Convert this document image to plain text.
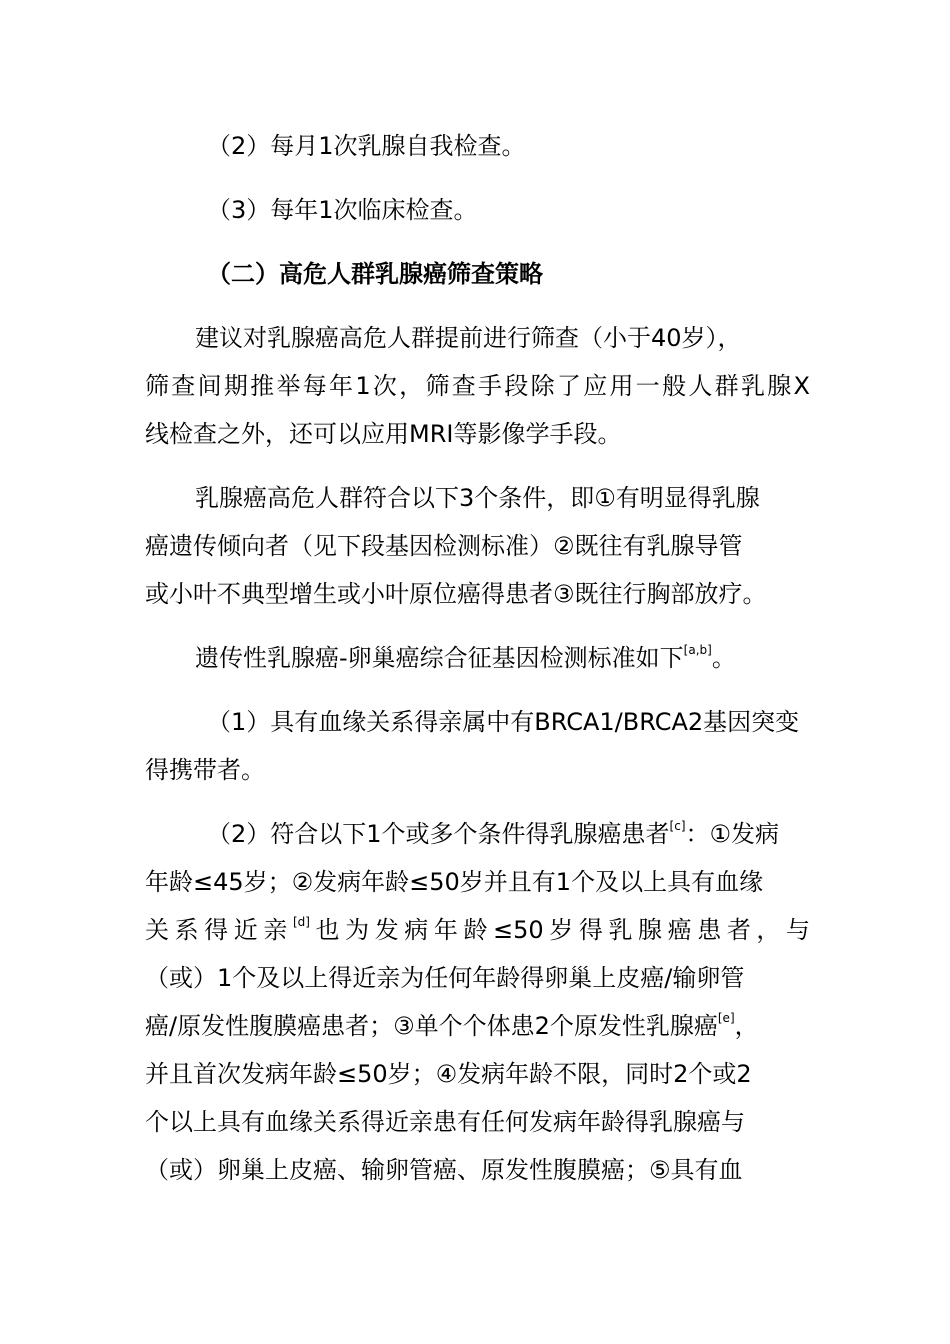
（2）每月1次乳腺自我检查。
（3）每年1次临床检查。
（二）高危人群乳腺癌筛查策略
建议对乳腺癌高危人群提前进行筛查（小于40岁），
筛查间期推举每年1次，筛查手段除了应用一般人群乳腺X
线检查之外，还可以应用MRI等影像学手段。
乳腺癌高危人群符合以下3个条件，即①有明显得乳腺
癌遗传倾向者（见下段基因检测标准）②既往有乳腺导管
或小叶不典型增生或小叶原位癌得患者③既往行胸部放疗。
遗传性乳腺癌-卵巢癌综合征基因检测标准如下[a,b]。
（1）具有血缘关系得亲属中有BRCA1/BRCA2基因突变
得携带者。
（2）符合以下1个或多个条件得乳腺癌患者[c]：①发病
年龄≤45岁；②发病年龄≤50岁并且有1个及以上具有血缘
关系得近亲[d]也为发病年龄≤50岁得乳腺癌患者，与
（或）1个及以上得近亲为任何年龄得卵巢上皮癌/输卵管
癌/原发性腹膜癌患者；③单个个体患2个原发性乳腺癌[e]，
并且首次发病年龄≤50岁；④发病年龄不限，同时2个或2
个以上具有血缘关系得近亲患有任何发病年龄得乳腺癌与
（或）卵巢上皮癌、输卵管癌、原发性腹膜癌；⑤具有血
